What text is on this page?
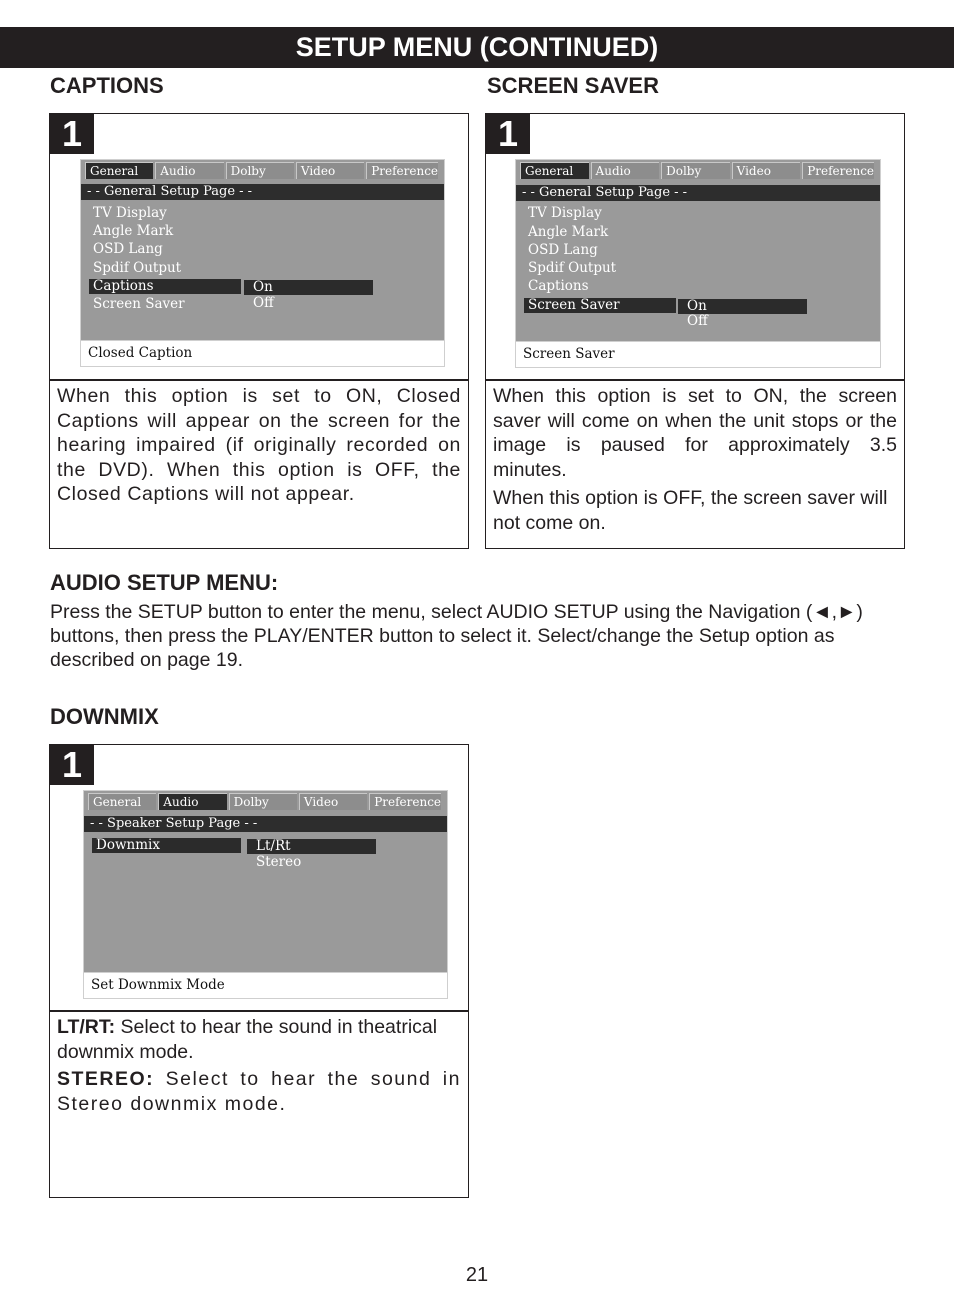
SETUP MENU (CONTINUED)
CAPTIONS
1
General	Audio	Dolby	Video	Preference
- - General Setup Page - -
TV Display
Angle Mark
OSD Lang
Spdif Output
Captions
Screen Saver
On
Off
Closed Caption
When this option is set to ON, Closed Captions will appear on the screen for the hearing impaired (if originally recorded on the DVD). When this option is OFF, the Closed Captions will not appear.
SCREEN SAVER
1
General	Audio	Dolby	Video	Preference
- - General Setup Page - -
TV Display
Angle Mark
OSD Lang
Spdif Output
Captions
Screen Saver	On
Off
Screen Saver
When this option is set to ON, the screen saver will come on when the unit stops or the image is paused for approximately 3.5 minutes.
When this option is OFF, the screen saver will not come on.
AUDIO SETUP MENU:
Press the SETUP button to enter the menu, select AUDIO SETUP using the Navigation (◄,►) buttons, then press the PLAY/ENTER button to select it. Select/change the Setup option as described on page 19.
DOWNMIX
1
General	Audio	Dolby	Video	Preference
- - Speaker Setup Page - -
Downmix	Lt/Rt
Stereo
Set Downmix Mode
LT/RT: Select to hear the sound in theatrical downmix mode.
STEREO: Select to hear the sound in Stereo downmix mode.
21
